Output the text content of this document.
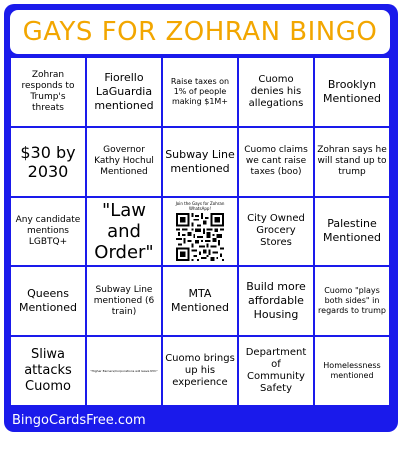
GAYS FOR ZOHRAN BINGO
Zohran responds to Trump's threats
Fiorello LaGuardia mentioned
Raise taxes on 1% of people making $1M+
Cuomo denies his allegations
Brooklyn Mentioned
$30 by 2030
Governor Kathy Hochul Mentioned
Subway Line mentioned
Cuomo claims we cant raise taxes (boo)
Zohran says he will stand up to trump
Any candidate mentions LGBTQ+
"Law and Order"
Join the Gays for Zohran WhatsApp!
City Owned Grocery Stores
Palestine Mentioned
Queens Mentioned
Subway Line mentioned (6 train)
MTA Mentioned
Build more affordable Housing
Cuomo "plays both sides" in regards to trump
Sliwa attacks Cuomo
"Higher Earners/Corporations will leave NYC"
Cuomo brings up his experience
Department of Community Safety
Homelessness mentioned
BingoCardsFree.com
